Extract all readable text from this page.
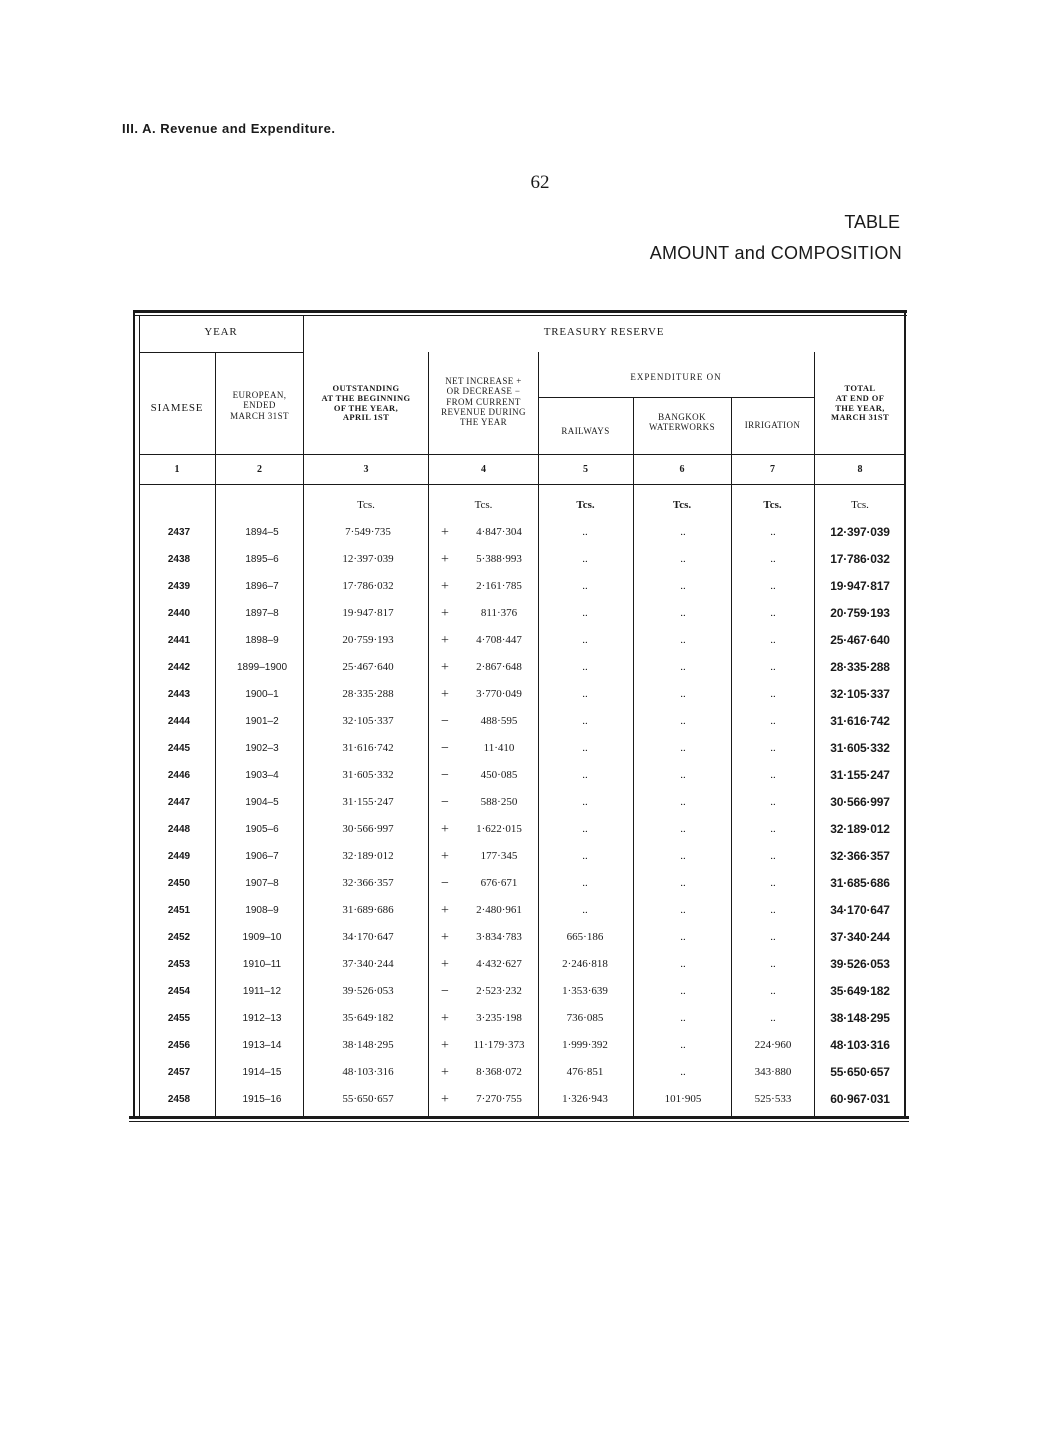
III. A. Revenue and Expenditure.
62
TABLE
AMOUNT and COMPOSITION
YEAR	TREASURY RESERVE
EXPENDITURE ON
SIAMESE
EUROPEAN,
ENDED
MARCH 31ST
OUTSTANDING
AT THE BEGINNING
OF THE YEAR,
APRIL 1ST
NET INCREASE +
OR DECREASE −
FROM CURRENT
REVENUE DURING
THE YEAR
RAILWAYS
BANGKOK
WATERWORKS	IRRIGATION
TOTAL
AT END OF
THE YEAR,
MARCH 31ST
1	2	3	4	5	6	7	8
Tcs.	Tcs.	Tcs.	Tcs.	Tcs.	Tcs.
2437	1894–5	7·549·735	+	4·847·304	..	..	..	12·397·039
2438	1895–6	12·397·039	+	5·388·993	..	..	..	17·786·032
2439	1896–7	17·786·032	+	2·161·785	..	..	..	19·947·817
2440	1897–8	19·947·817	+	811·376	..	..	..	20·759·193
2441	1898–9	20·759·193	+	4·708·447	..	..	..	25·467·640
2442	1899–1900	25·467·640	+	2·867·648	..	..	..	28·335·288
2443	1900–1	28·335·288	+	3·770·049	..	..	..	32·105·337
2444	1901–2	32·105·337	−	488·595	..	..	..	31·616·742
2445	1902–3	31·616·742	−	11·410	..	..	..	31·605·332
2446	1903–4	31·605·332	−	450·085	..	..	..	31·155·247
2447	1904–5	31·155·247	−	588·250	..	..	..	30·566·997
2448	1905–6	30·566·997	+	1·622·015	..	..	..	32·189·012
2449	1906–7	32·189·012	+	177·345	..	..	..	32·366·357
2450	1907–8	32·366·357	−	676·671	..	..	..	31·685·686
2451	1908–9	31·689·686	+	2·480·961	..	..	..	34·170·647
2452	1909–10	34·170·647	+	3·834·783	665·186	..	..	37·340·244
2453	1910–11	37·340·244	+	4·432·627	2·246·818	..	..	39·526·053
2454	1911–12	39·526·053	−	2·523·232	1·353·639	..	..	35·649·182
2455	1912–13	35·649·182	+	3·235·198	736·085	..	..	38·148·295
2456	1913–14	38·148·295	+	11·179·373	1·999·392	..	224·960	48·103·316
2457	1914–15	48·103·316	+	8·368·072	476·851	..	343·880	55·650·657
2458	1915–16	55·650·657	+	7·270·755	1·326·943	101·905	525·533	60·967·031
